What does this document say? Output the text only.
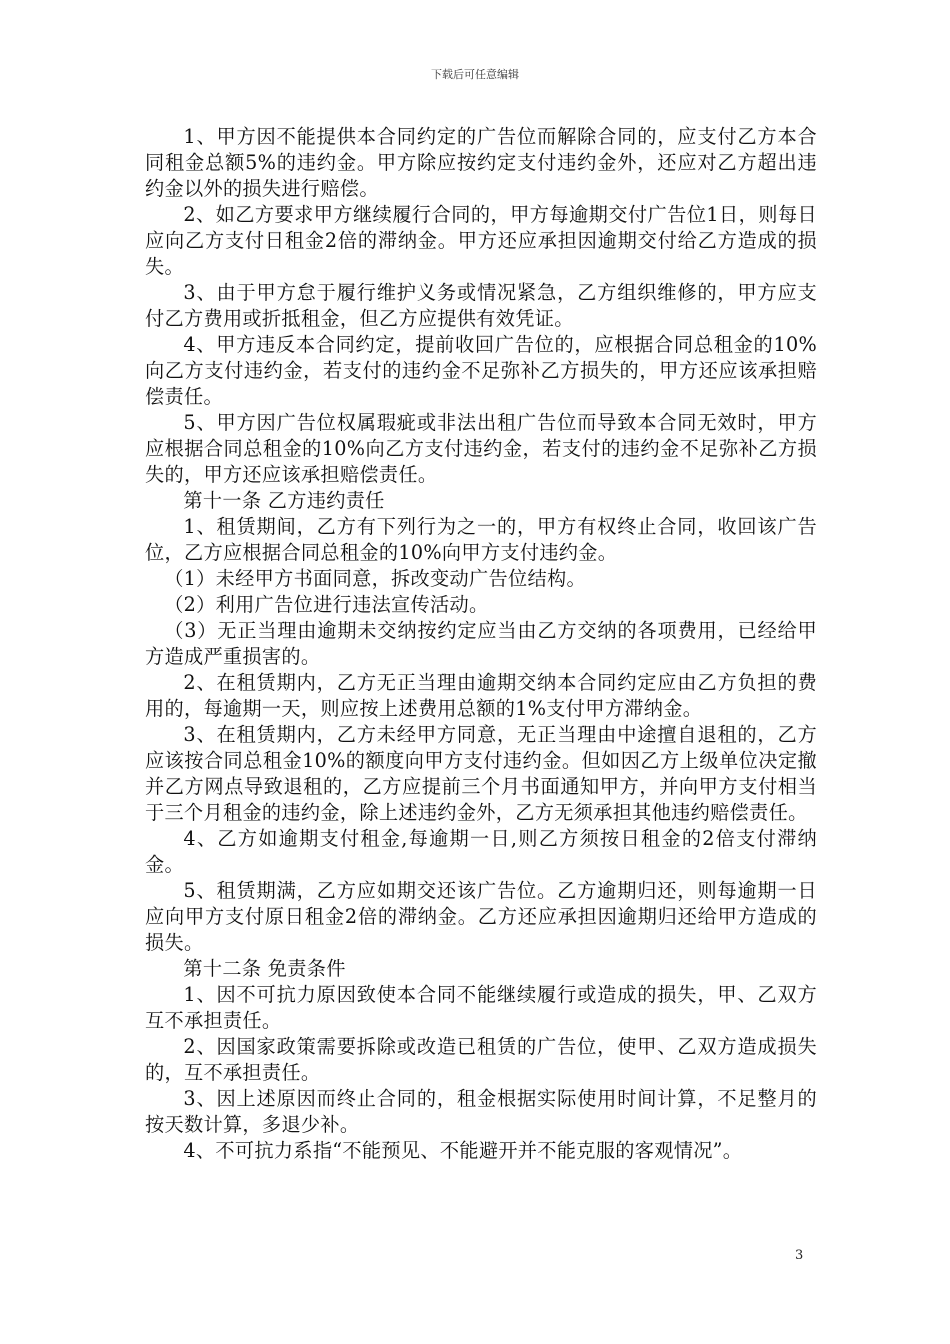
下载后可任意编辑

1、甲方因不能提供本合同约定的广告位而解除合同的，应支付乙方本合同租金总额5%的违约金。甲方除应按约定支付违约金外，还应对乙方超出违约金以外的损失进行赔偿。

2、如乙方要求甲方继续履行合同的，甲方每逾期交付广告位1日，则每日应向乙方支付日租金2倍的滞纳金。甲方还应承担因逾期交付给乙方造成的损失。

3、由于甲方怠于履行维护义务或情况紧急，乙方组织维修的，甲方应支付乙方费用或折抵租金，但乙方应提供有效凭证。

4、甲方违反本合同约定，提前收回广告位的，应根据合同总租金的10%向乙方支付违约金，若支付的违约金不足弥补乙方损失的，甲方还应该承担赔偿责任。

5、甲方因广告位权属瑕疵或非法出租广告位而导致本合同无效时，甲方应根据合同总租金的10%向乙方支付违约金，若支付的违约金不足弥补乙方损失的，甲方还应该承担赔偿责任。

第十一条 乙方违约责任

1、租赁期间，乙方有下列行为之一的，甲方有权终止合同，收回该广告位，乙方应根据合同总租金的10%向甲方支付违约金。

（1）未经甲方书面同意，拆改变动广告位结构。

（2）利用广告位进行违法宣传活动。

（3）无正当理由逾期未交纳按约定应当由乙方交纳的各项费用，已经给甲方造成严重损害的。

2、在租赁期内，乙方无正当理由逾期交纳本合同约定应由乙方负担的费用的，每逾期一天，则应按上述费用总额的1%支付甲方滞纳金。

3、在租赁期内，乙方未经甲方同意，无正当理由中途擅自退租的，乙方应该按合同总租金10%的额度向甲方支付违约金。但如因乙方上级单位决定撤并乙方网点导致退租的，乙方应提前三个月书面通知甲方，并向甲方支付相当于三个月租金的违约金，除上述违约金外，乙方无须承担其他违约赔偿责任。

4、乙方如逾期支付租金,每逾期一日,则乙方须按日租金的2倍支付滞纳金。

5、租赁期满，乙方应如期交还该广告位。乙方逾期归还，则每逾期一日应向甲方支付原日租金2倍的滞纳金。乙方还应承担因逾期归还给甲方造成的损失。

第十二条 免责条件

1、因不可抗力原因致使本合同不能继续履行或造成的损失，甲、乙双方互不承担责任。

2、因国家政策需要拆除或改造已租赁的广告位，使甲、乙双方造成损失的，互不承担责任。

3、因上述原因而终止合同的，租金根据实际使用时间计算，不足整月的按天数计算，多退少补。

4、不可抗力系指“不能预见、不能避开并不能克服的客观情况”。

3
